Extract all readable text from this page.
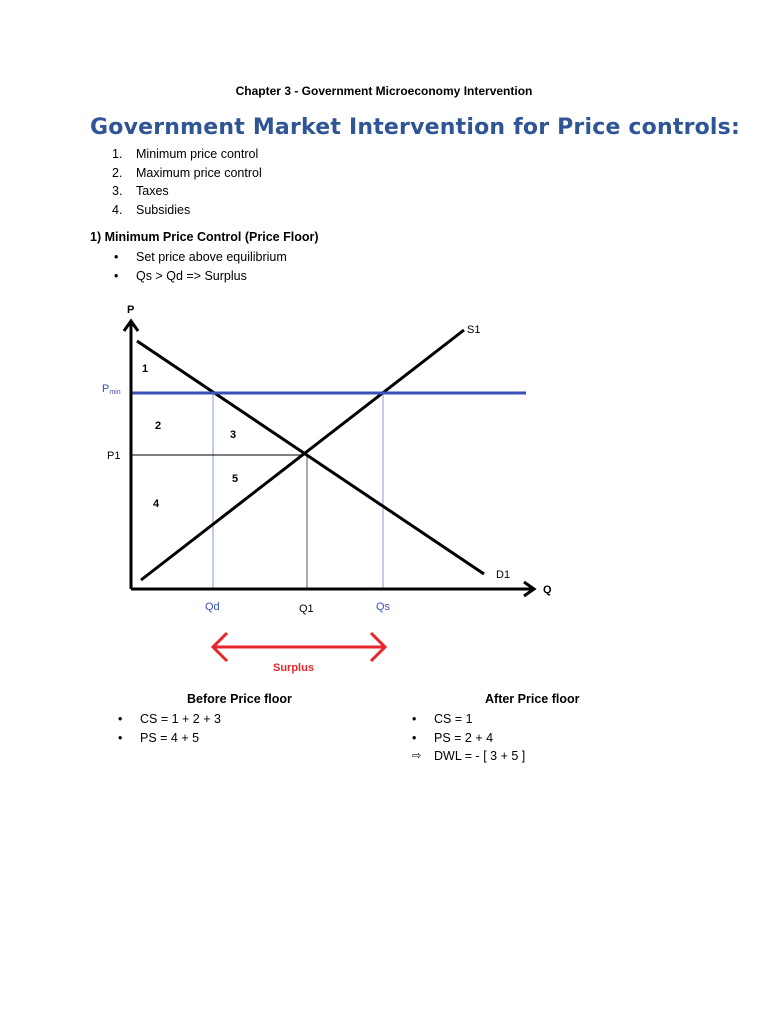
Chapter 3 - Government Microeconomy Intervention
Government Market Intervention for Price controls:
1.	Minimum price control
2.	Maximum price control
3.	Taxes
4.	Subsidies
1) Minimum Price Control (Price Floor)
•	Set price above equilibrium
•	Qs > Qd => Surplus
P
Q
S1
D1
Pmin
P1
Qd	Q1	Qs
1
2
3
4
5
Surplus
Before Price floor	After Price floor
•	CS = 1 + 2 + 3
•	PS = 4 + 5
•	CS = 1
•	PS = 2 + 4
⇨	DWL = - [ 3 + 5 ]
